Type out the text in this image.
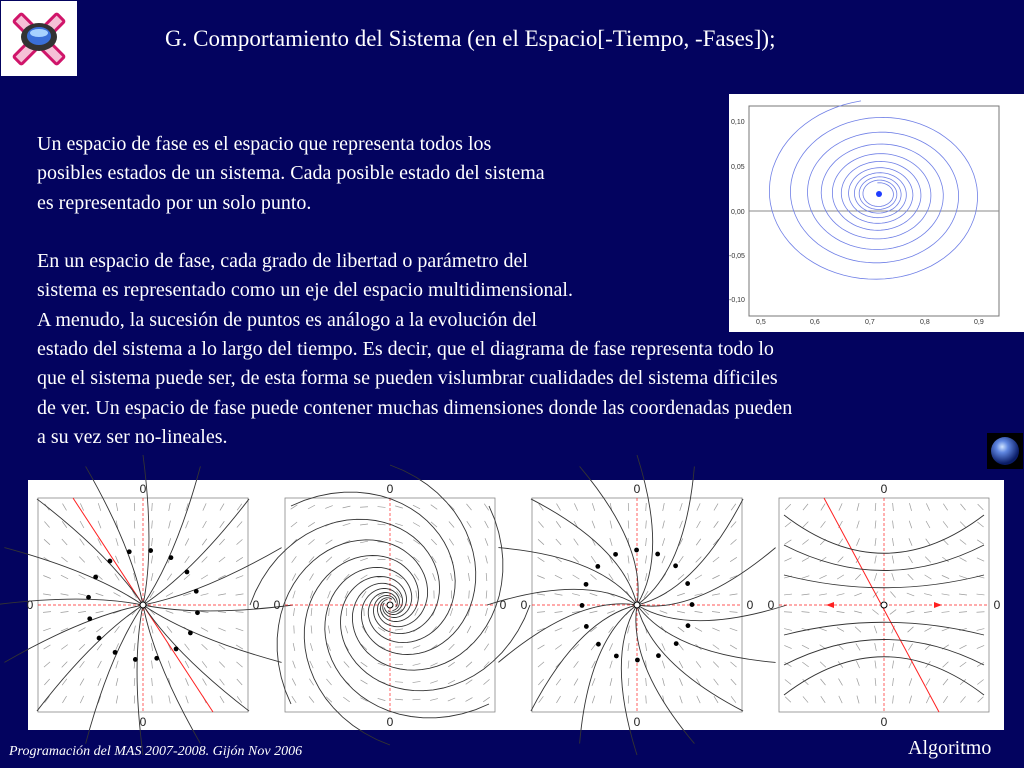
G. Comportamiento del Sistema (en el Espacio[-Tiempo, -Fases]);
0,10
0,05
0,00
-0,05
-0,10
0,5	0,6	0,7	0,8	0,9

Un espacio de fase es el espacio que representa todos los

posibles estados de un sistema. Cada posible estado del sistema

es representado por un solo punto.

En un espacio de fase, cada grado de libertad o parámetro del

sistema es representado como un eje del espacio multidimensional.

A menudo, la sucesión de puntos es análogo a la evolución del

estado del sistema a lo largo del tiempo. Es decir, que el diagrama de fase representa todo lo

que el sistema puede ser, de esta forma se pueden vislumbrar cualidades del sistema díficiles

de ver. Un espacio de fase puede contener muchas dimensiones donde las coordenadas pueden

a su vez ser no-lineales.

0
0
0	0
0
0
0	0
0
0
0	0
0
0
0	0
Programación del MAS 2007-2008. Gijón Nov 2006	Algoritmo
